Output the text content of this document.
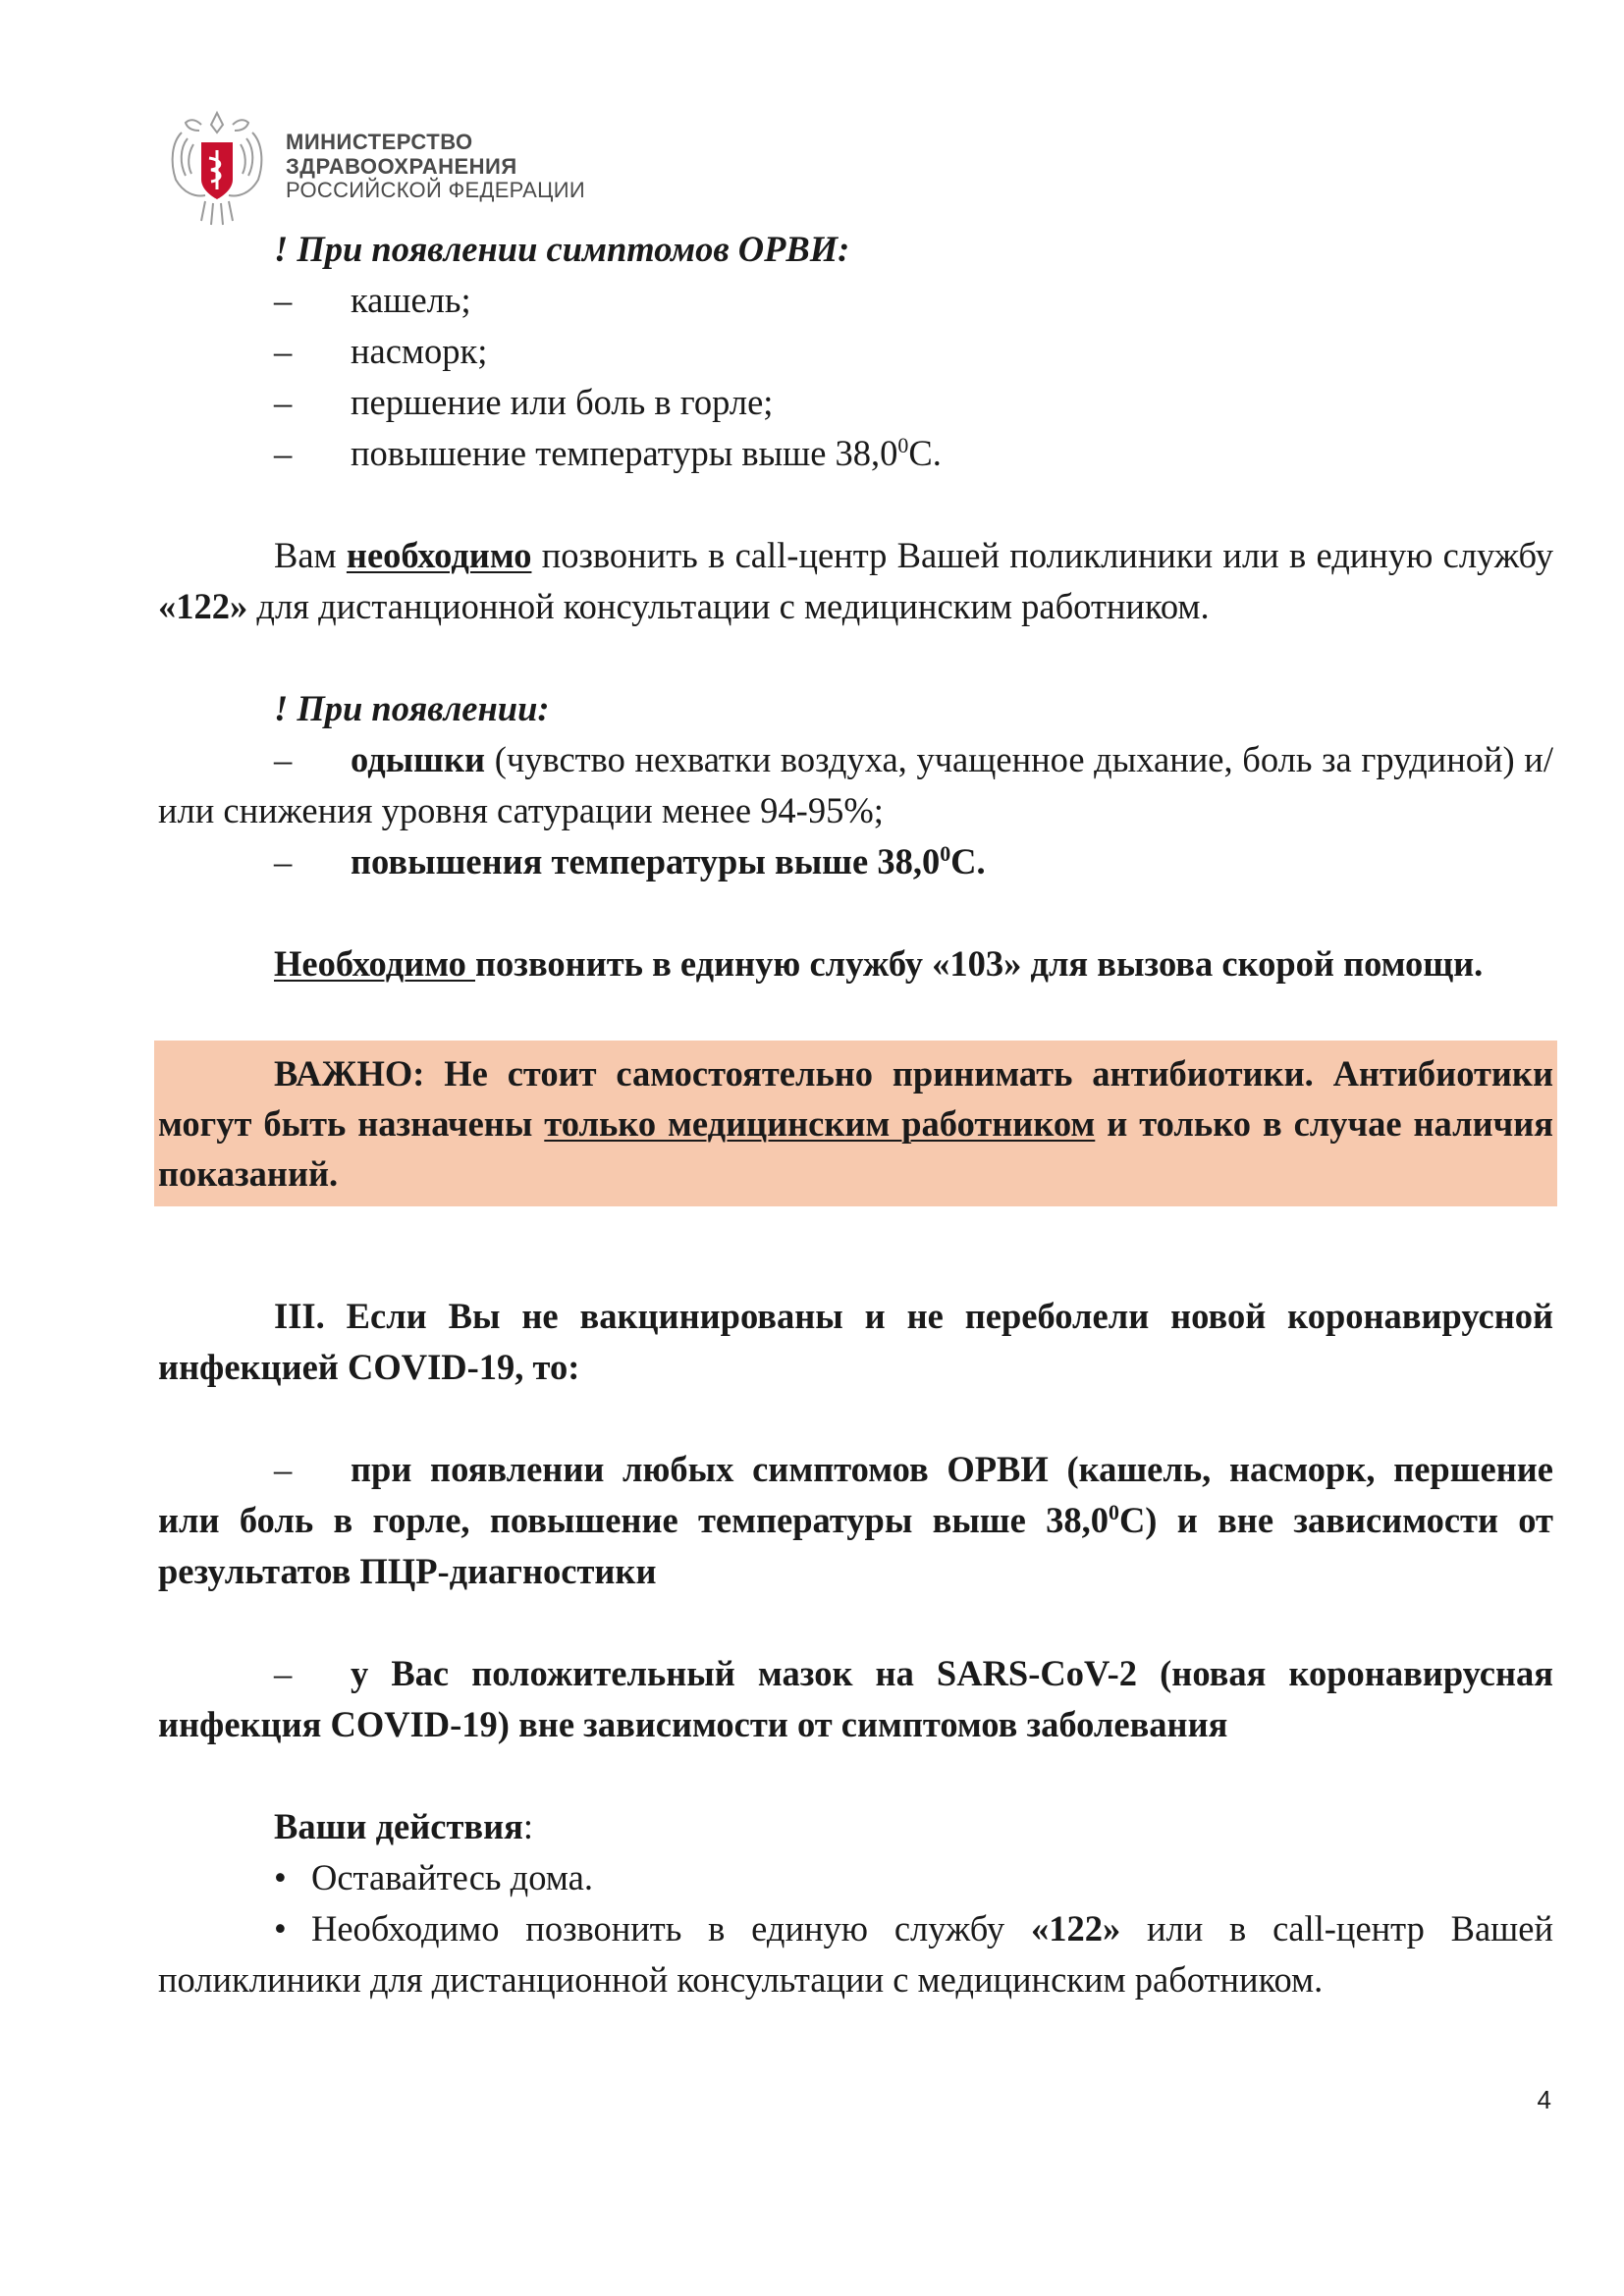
МИНИСТЕРСТВО
ЗДРАВООХРАНЕНИЯ
РОССИЙСКОЙ ФЕДЕРАЦИИ

! При появлении симптомов ОРВИ:

–	кашель;
–	насморк;
–	першение или боль в горле;
–	повышение температуры выше 38,0$^0$С.

Вам необходимо позвонить в call-центр Вашей поликлиники или в единую службу «122» для дистанционной консультации с медицинским работником.

! При появлении:

– одышки (чувство нехватки воздуха, учащенное дыхание, боль за грудиной) и/или снижения уровня сатурации менее 94-95%;

– повышения температуры выше 38,0$^0$С.

Необходимо позвонить в единую службу «103» для вызова скорой помощи.

ВАЖНО: Не стоит самостоятельно принимать антибиотики. Антибиотики могут быть назначены только медицинским работником и только в случае наличия показаний.

III. Если Вы не вакцинированы и не переболели новой коронавирусной инфекцией COVID-19, то:

– при появлении любых симптомов ОРВИ (кашель, насморк, першение или боль в горле, повышение температуры выше 38,0$^0$С) и вне зависимости от результатов ПЦР-диагностики

– у Вас положительный мазок на SARS-CoV-2 (новая коронавирусная инфекция COVID-19) вне зависимости от симптомов заболевания

Ваши действия:

• Оставайтесь дома.

• Необходимо позвонить в единую службу «122» или в call-центр Вашей поликлиники для дистанционной консультации с медицинским работником.

4
